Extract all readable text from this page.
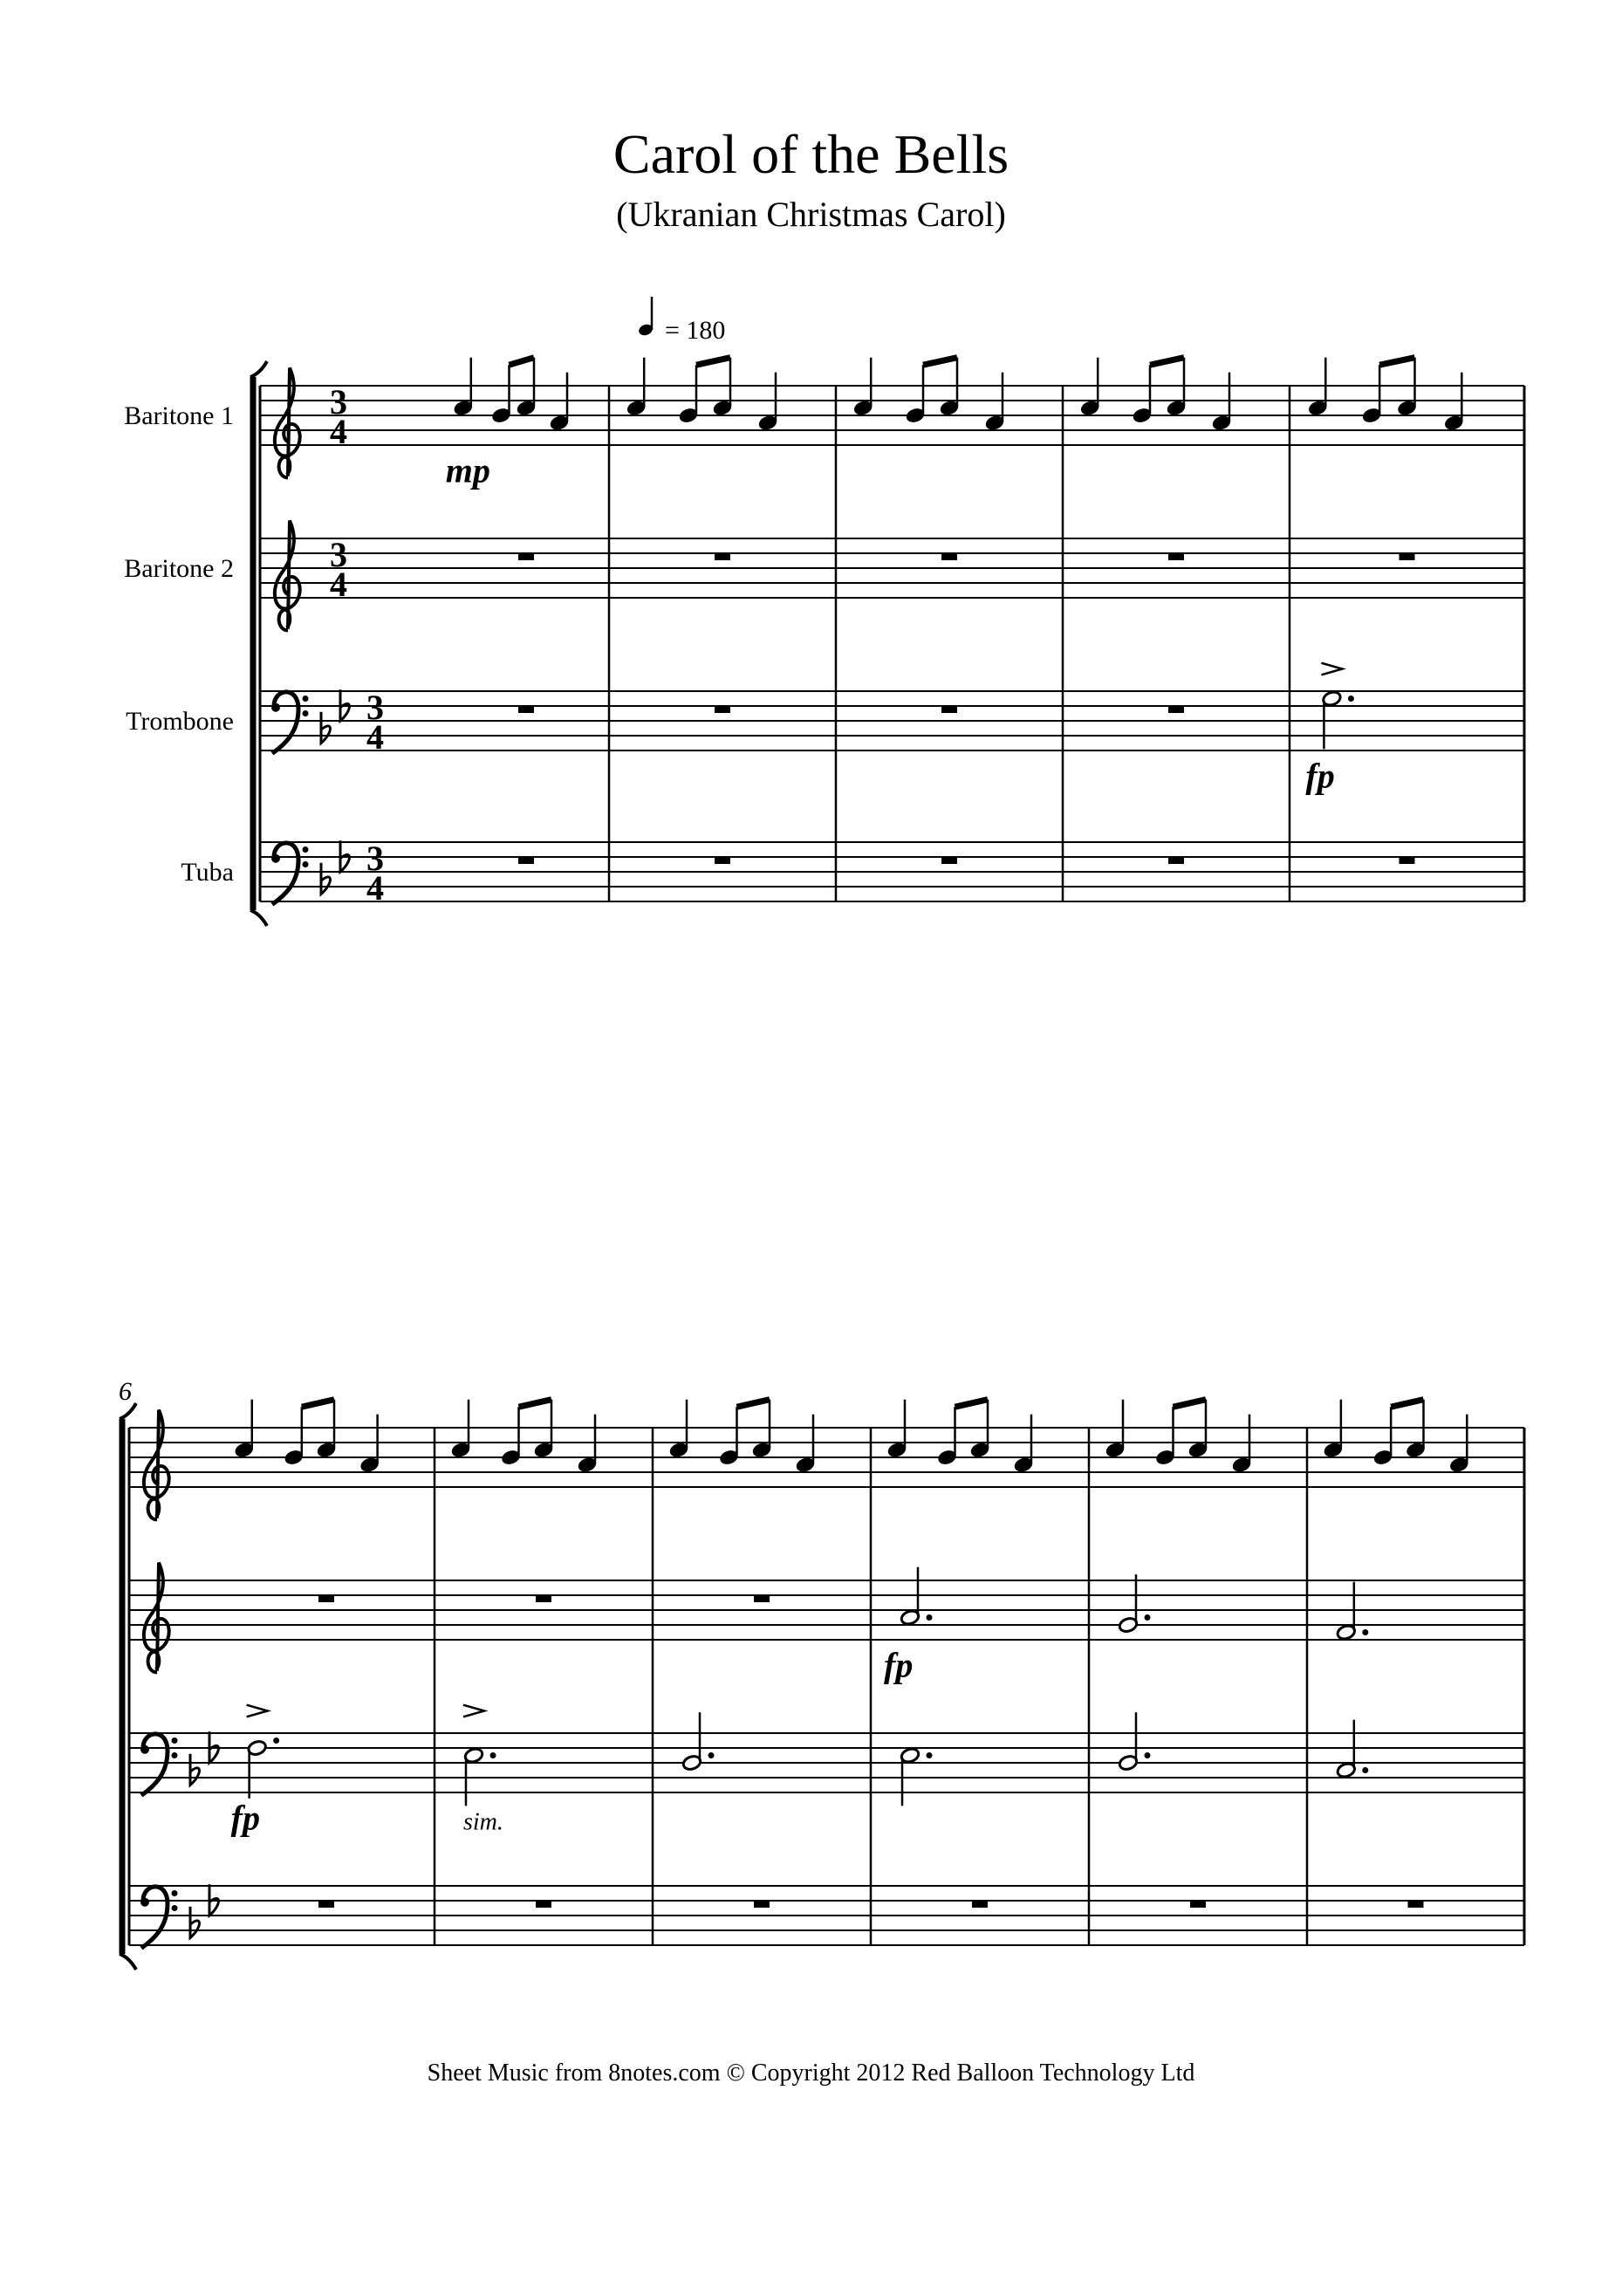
Carol of the Bells
(Ukranian Christmas Carol)
Baritone 1	3
4
Baritone 2	3
4
Trombone	3
4
Tuba	3
4
= 180
mp
fp
6
fp	sim.
fp
Sheet Music from 8notes.com © Copyright 2012 Red Balloon Technology Ltd
